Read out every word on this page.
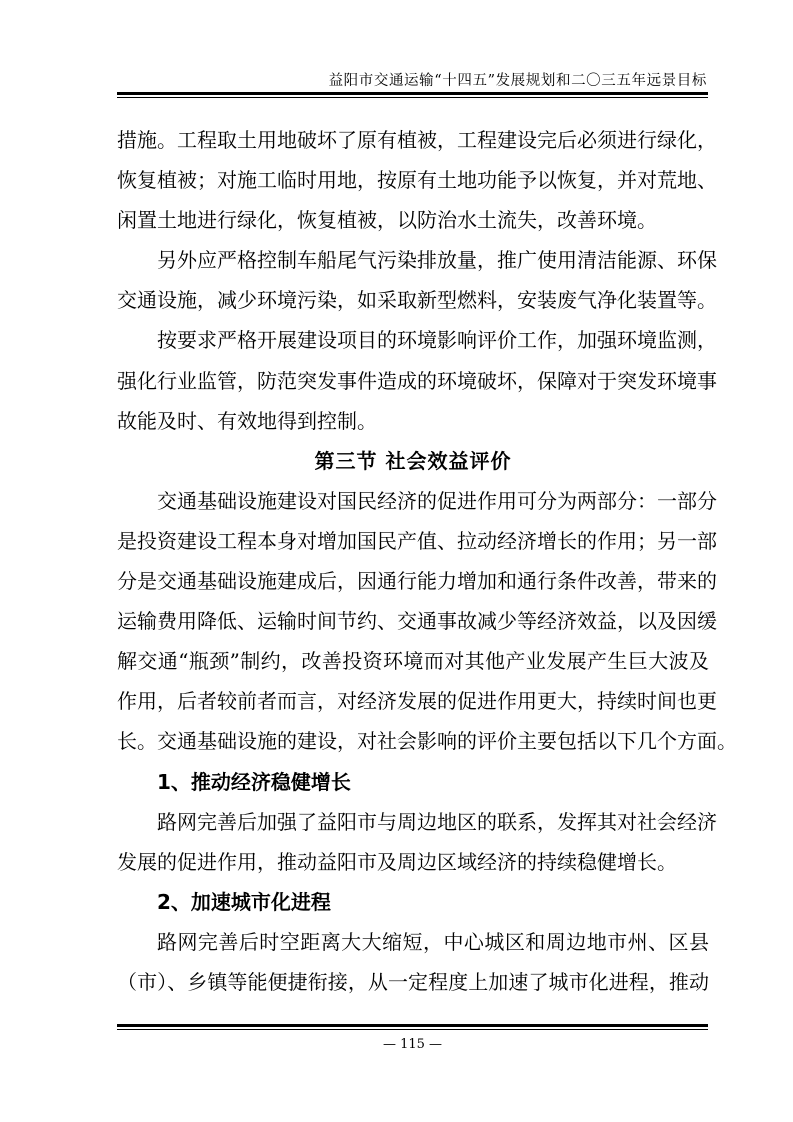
益阳市交通运输“十四五”发展规划和二〇三五年远景目标
措施。工程取土用地破坏了原有植被，工程建设完后必须进行绿化，
恢复植被；对施工临时用地，按原有土地功能予以恢复，并对荒地、
闲置土地进行绿化，恢复植被，以防治水土流失，改善环境。
另外应严格控制车船尾气污染排放量，推广使用清洁能源、环保
交通设施，减少环境污染，如采取新型燃料，安装废气净化装置等。
按要求严格开展建设项目的环境影响评价工作，加强环境监测，
强化行业监管，防范突发事件造成的环境破坏，保障对于突发环境事
故能及时、有效地得到控制。
第三节 社会效益评价
交通基础设施建设对国民经济的促进作用可分为两部分：一部分
是投资建设工程本身对增加国民产值、拉动经济增长的作用；另一部
分是交通基础设施建成后，因通行能力增加和通行条件改善，带来的
运输费用降低、运输时间节约、交通事故减少等经济效益，以及因缓
解交通“瓶颈”制约，改善投资环境而对其他产业发展产生巨大波及
作用，后者较前者而言，对经济发展的促进作用更大，持续时间也更
长。交通基础设施的建设，对社会影响的评价主要包括以下几个方面。
1、推动经济稳健增长
路网完善后加强了益阳市与周边地区的联系，发挥其对社会经济
发展的促进作用，推动益阳市及周边区域经济的持续稳健增长。
2、加速城市化进程
路网完善后时空距离大大缩短，中心城区和周边地市州、区县
（市）、乡镇等能便捷衔接，从一定程度上加速了城市化进程，推动
— 115 —
